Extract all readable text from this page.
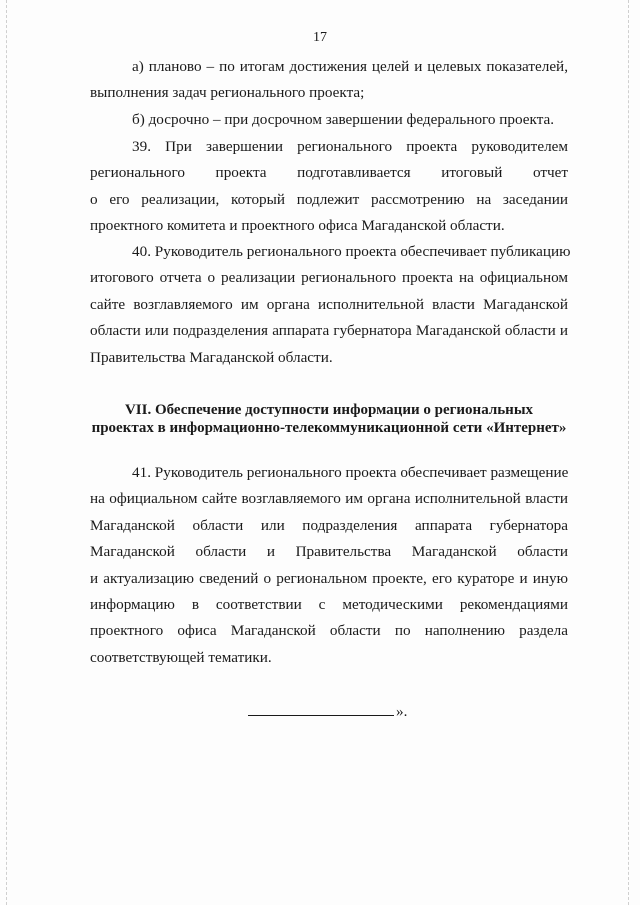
17
а) планово – по итогам достижения целей и целевых показателей,
выполнения задач регионального проекта;
б) досрочно – при досрочном завершении федерального проекта.
39. При завершении регионального проекта руководителем
регионального проекта подготавливается итоговый отчет
о его реализации, который подлежит рассмотрению на заседании
проектного комитета и проектного офиса Магаданской области.
40. Руководитель регионального проекта обеспечивает публикацию
итогового отчета о реализации регионального проекта на официальном
сайте возглавляемого им органа исполнительной власти Магаданской
области или подразделения аппарата губернатора Магаданской области и
Правительства Магаданской области.
VII. Обеспечение доступности информации о региональных
проектах в информационно-телекоммуникационной сети «Интернет»
41. Руководитель регионального проекта обеспечивает размещение
на официальном сайте возглавляемого им органа исполнительной власти
Магаданской области или подразделения аппарата губернатора
Магаданской области и Правительства Магаданской области
и актуализацию сведений о региональном проекте, его кураторе и иную
информацию в соответствии с методическими рекомендациями
проектного офиса Магаданской области по наполнению раздела
соответствующей тематики.
».
